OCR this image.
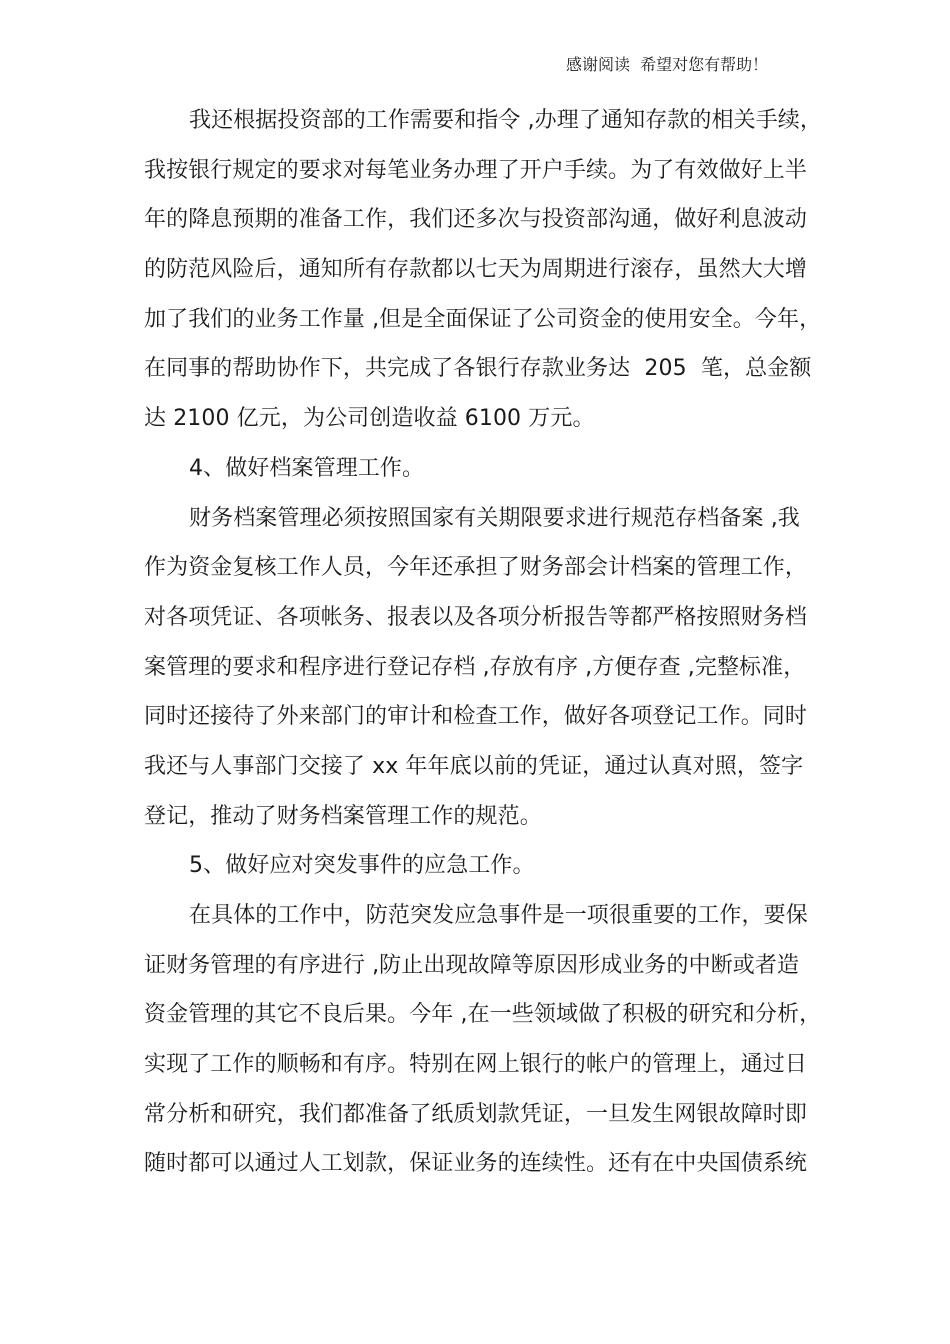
感谢阅读  希望对您有帮助！
我还根据投资部的工作需要和指令 ,办理了通知存款的相关手续，
我按银行规定的要求对每笔业务办理了开户手续。为了有效做好上半
年的降息预期的准备工作，我们还多次与投资部沟通，做好利息波动
的防范风险后，通知所有存款都以七天为周期进行滚存，虽然大大增
加了我们的业务工作量 ,但是全面保证了公司资金的使用安全。今年，
在同事的帮助协作下，共完成了各银行存款业务达  205  笔，总金额
达 2100 亿元，为公司创造收益 6100 万元。
4、做好档案管理工作。
财务档案管理必须按照国家有关期限要求进行规范存档备案 ,我
作为资金复核工作人员，今年还承担了财务部会计档案的管理工作，
对各项凭证、各项帐务、报表以及各项分析报告等都严格按照财务档
案管理的要求和程序进行登记存档 ,存放有序 ,方便存查 ,完整标准，
同时还接待了外来部门的审计和检查工作，做好各项登记工作。同时
我还与人事部门交接了 xx 年年底以前的凭证，通过认真对照，签字
登记，推动了财务档案管理工作的规范。
5、做好应对突发事件的应急工作。
在具体的工作中，防范突发应急事件是一项很重要的工作，要保
证财务管理的有序进行 ,防止出现故障等原因形成业务的中断或者造
资金管理的其它不良后果。今年 ,在一些领域做了积极的研究和分析，
实现了工作的顺畅和有序。特别在网上银行的帐户的管理上，通过日
常分析和研究，我们都准备了纸质划款凭证，一旦发生网银故障时即
随时都可以通过人工划款，保证业务的连续性。还有在中央国债系统
